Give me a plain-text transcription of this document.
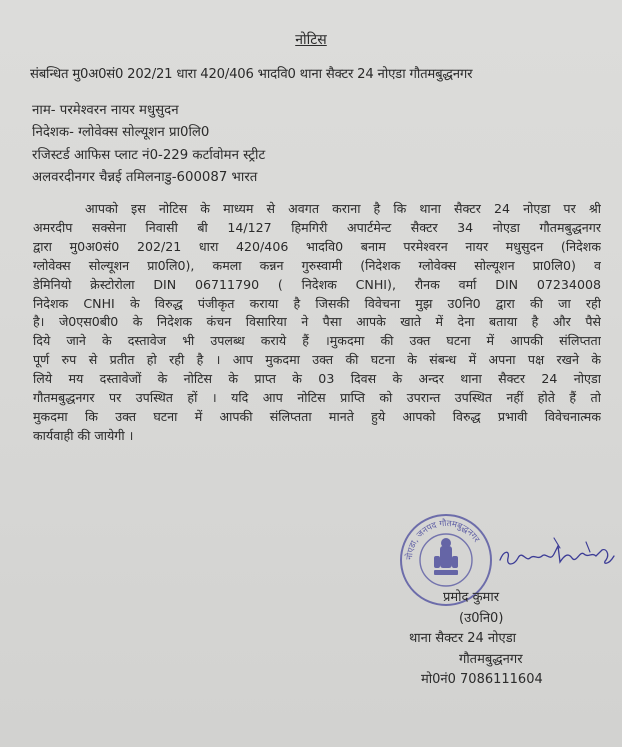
नोटिस
संबन्धित मु0अ0सं0 202/21 धारा 420/406 भादवि0 थाना सैक्टर 24 नोएडा गौतमबुद्धनगर
नाम- परमेश्वरन नायर मधुसुदन
निदेशक- ग्लोवेक्स सोल्यूशन प्रा0लि0
रजिस्टर्ड आफिस प्लाट नं0-229 कर्टावोमन स्ट्रीट
अलवरदीनगर चैन्नई तमिलनाडु-600087 भारत
आपको इस नोटिस के माध्यम से अवगत कराना है कि थाना सैक्टर 24 नोएडा पर श्री
अमरदीप सक्सेना निवासी बी 14/127 हिमगिरी अपार्टमेन्ट सैक्टर 34 नोएडा गौतमबुद्धनगर
द्वारा मु0अ0सं0 202/21 धारा 420/406 भादवि0 बनाम परमेश्वरन नायर मधुसुदन (निदेशक
ग्लोवेक्स सोल्यूशन प्रा0लि0), कमला कन्नन गुरुस्वामी (निदेशक ग्लोवेक्स सोल्यूशन प्रा0लि0) व
डेमिनियो क्रेस्टोरोला DIN 06711790 ( निदेशक CNHI), रौनक वर्मा DIN 07234008
निदेशक CNHI के विरुद्ध पंजीकृत कराया है जिसकी विवेचना मुझ उ0नि0 द्वारा की जा रही
है। जे0एस0बी0 के निदेशक कंचन विसारिया ने पैसा आपके खाते में देना बताया है और पैसे
दिये जाने के दस्तावेज भी उपलब्ध कराये हैं ।मुकदमा की उक्त घटना में आपकी संलिप्तता
पूर्ण रुप से प्रतीत हो रही है । आप मुकदमा उक्त की घटना के संबन्ध में अपना पक्ष रखने के
लिये मय दस्तावेजों के नोटिस के प्राप्त के 03 दिवस के अन्दर थाना सैक्टर 24 नोएडा
गौतमबुद्धनगर पर उपस्थित हों । यदि आप नोटिस प्राप्ति को उपरान्त उपस्थित नहीं होते हैं तो
मुकदमा कि उक्त घटना में आपकी संलिप्तता मानते हुये आपको विरुद्ध प्रभावी विवेचनात्मक
कार्यवाही की जायेगी ।
नोएडा, जनपद गौतमबुद्धनगर
प्रमोद कुमार
(उ0नि0)
थाना सैक्टर 24 नोएडा
गौतमबुद्धनगर
मो0नं0 7086111604
